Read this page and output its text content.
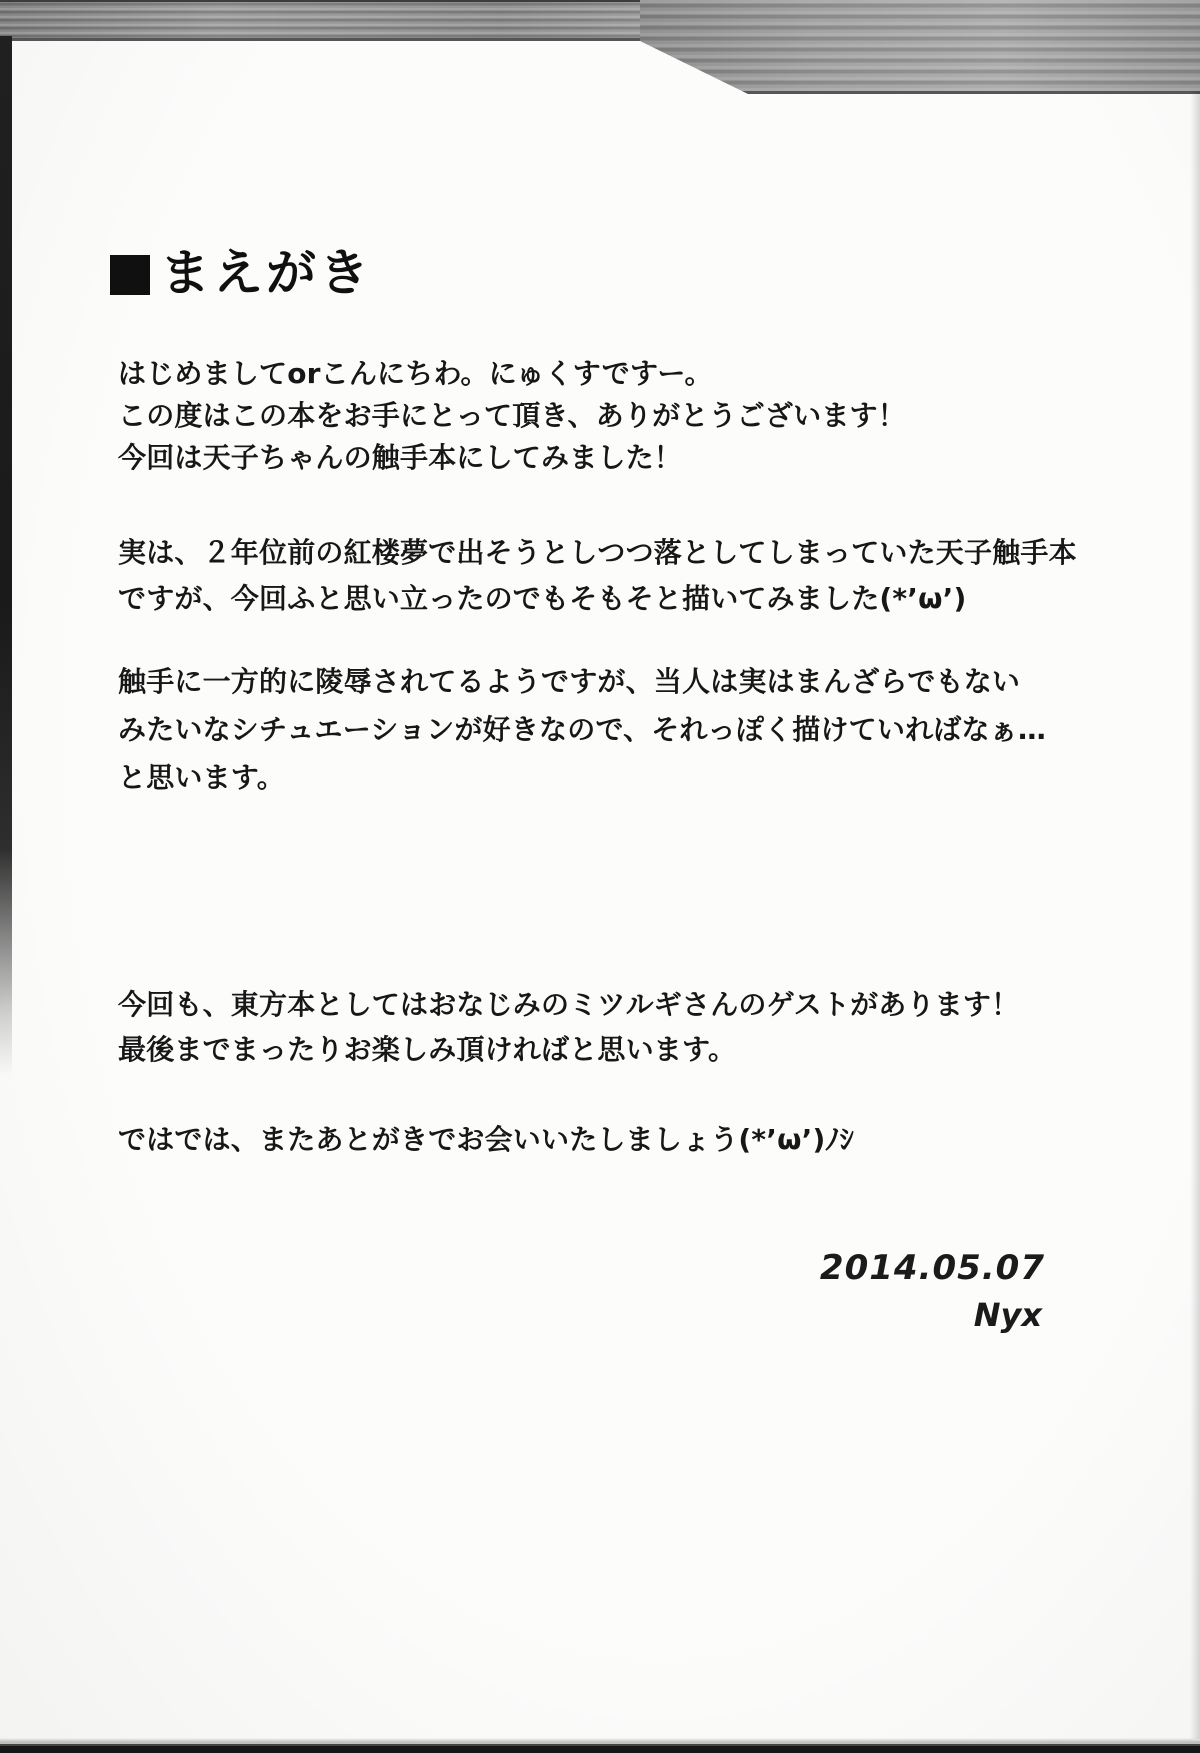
まえがき
はじめましてorこんにちわ。にゅくすですー。
この度はこの本をお手にとって頂き、ありがとうございます！
今回は天子ちゃんの触手本にしてみました！
実は、２年位前の紅楼夢で出そうとしつつ落としてしまっていた天子触手本
ですが、今回ふと思い立ったのでもそもそと描いてみました(*’ω’)
触手に一方的に陵辱されてるようですが、当人は実はまんざらでもない
みたいなシチュエーションが好きなので、それっぽく描けていればなぁ…
と思います。
今回も、東方本としてはおなじみのミツルギさんのゲストがあります！
最後までまったりお楽しみ頂ければと思います。
ではでは、またあとがきでお会いいたしましょう(*’ω’)ﾉｼ
2014.05.07
Nyx
